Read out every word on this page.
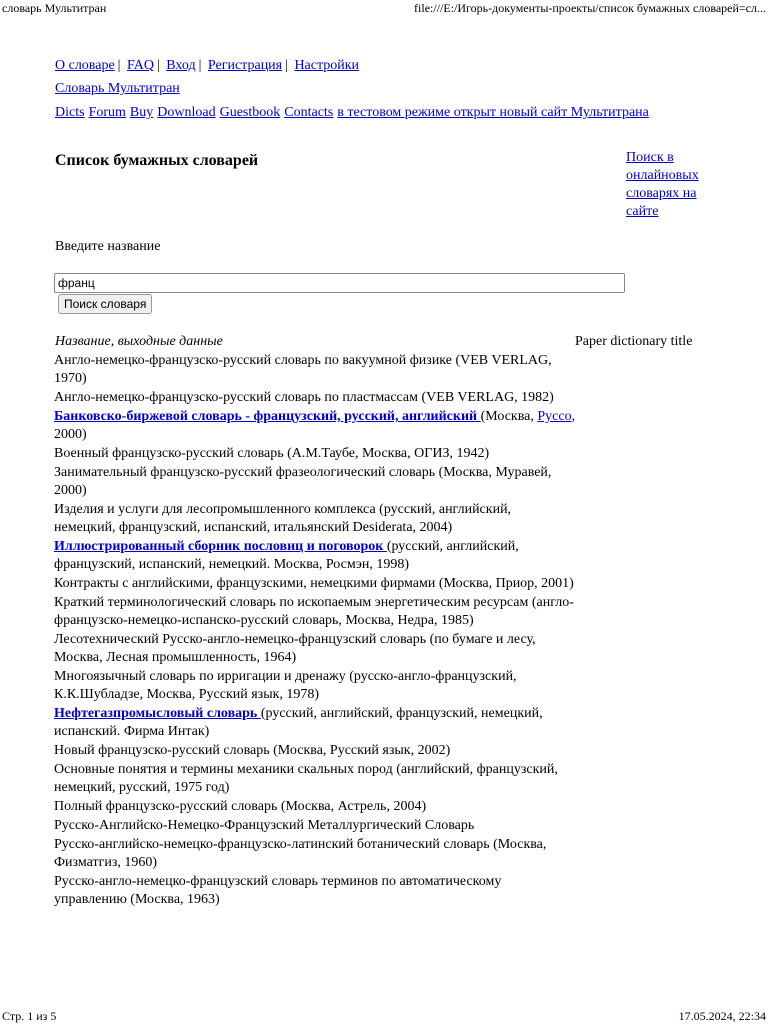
словарь Мультитран	file:///E:/Игорь-документы-проекты/список бумажных словарей=сл...
О словаре | FAQ | Вход | Регистрация | Настройки
Словарь Мультитран
Dicts Forum Buy Download Guestbook Contacts в тестовом режиме открыт новый сайт Мультитрана
Список бумажных словарей	Поиск в онлайновых словарях на сайте
Введите название
франц
Поиск словаря
Название, выходные данные	Paper dictionary title
Англо-немецко-французско-русский словарь по вакуумной физике (VEB VERLAG, 1970)
Англо-немецко-французско-русский словарь по пластмассам (VEB VERLAG, 1982)
Банковско-биржевой словарь - французский, русский, английский (Москва, Руссо, 2000)
Военный французско-русский словарь (А.М.Таубе, Москва, ОГИЗ, 1942)
Занимательный французско-русский фразеологический словарь (Москва, Муравей, 2000)
Изделия и услуги для лесопромышленного комплекса (русский, английский, немецкий, французский, испанский, итальянский Desiderata, 2004)
Иллюстрированный сборник пословиц и поговорок (русский, английский, французский, испанский, немецкий. Москва, Росмэн, 1998)
Контракты с английскими, французскими, немецкими фирмами (Москва, Приор, 2001)
Краткий терминологический словарь по ископаемым энергетическим ресурсам (англо-французско-немецко-испанско-русский словарь, Москва, Недра, 1985)
Лесотехнический Русско-англо-немецко-французский словарь (по бумаге и лесу, Москва, Лесная промышленность, 1964)
Многоязычный словарь по ирригации и дренажу (русско-англо-французский, К.К.Шубладзе, Москва, Русский язык, 1978)
Нефтегазпромысловый словарь (русский, английский, французский, немецкий, испанский. Фирма Интак)
Новый французско-русский словарь (Москва, Русский язык, 2002)
Основные понятия и термины механики скальных пород (английский, французский, немецкий, русский, 1975 год)
Полный французско-русский словарь (Москва, Астрель, 2004)
Русско-Английско-Немецко-Французский Металлургический Словарь
Русско-английско-немецко-французско-латинский ботанический словарь (Москва, Физматгиз, 1960)
Русско-англо-немецко-французский словарь терминов по автоматическому управлению (Москва, 1963)
Стр. 1 из 5	17.05.2024, 22:34
